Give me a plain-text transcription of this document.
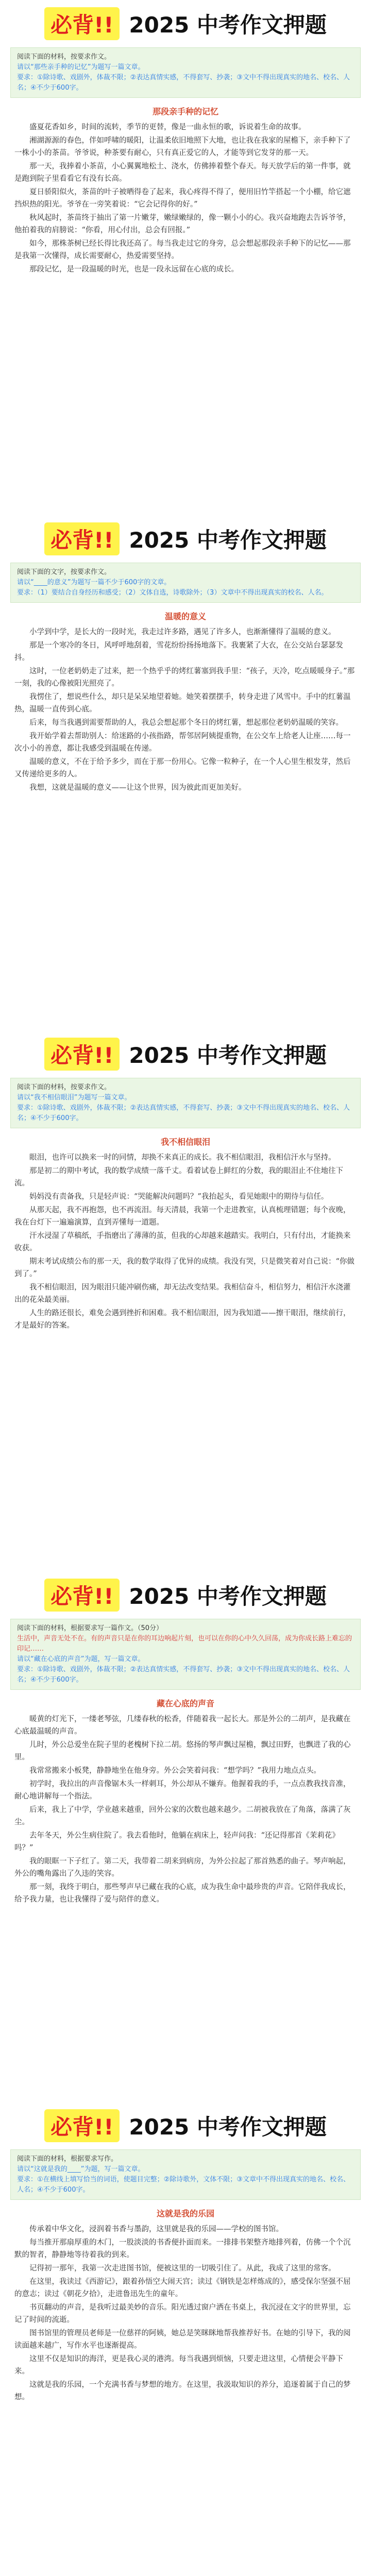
必背!! 2025 中考作文押题
阅读下面的材料，按要求作文。
请以“那些亲手种的记忆”为题写一篇文章。
要求：①除诗歌、戏剧外，体裁不限；②表达真情实感，不得套写、抄袭；③文中不得出现真实的地名、校名、人名；④不少于600字。
那段亲手种的记忆

盛夏花香如乡，时间的流转，季节的更替，像是一曲永恒的歌，诉说着生命的故事。

湘湖源源的春色，伴如呼啸的暖阳，让温柔依旧地照下大地，也让我在我家的屋檐下，亲手种下了一株小小的茶苗。爷爷说，种茶要有耐心，只有真正爱它的人，才能等到它发芽的那一天。

那一天，我捧着小茶苗，小心翼翼地松土、浇水，仿佛捧着整个春天。每天放学后的第一件事，就是跑到院子里看看它有没有长高。

夏日骄阳似火，茶苗的叶子被晒得卷了起来，我心疼得不得了，便用旧竹竿搭起一个小棚，给它遮挡炽热的阳光。爷爷在一旁笑着说：“它会记得你的好。”

秋风起时，茶苗终于抽出了第一片嫩芽，嫩绿嫩绿的，像一颗小小的心。我兴奋地跑去告诉爷爷，他拍着我的肩膀说：“你看，用心付出，总会有回报。”

如今，那株茶树已经长得比我还高了。每当我走过它的身旁，总会想起那段亲手种下的记忆——那是我第一次懂得，成长需要耐心，热爱需要坚持。

那段记忆，是一段温暖的时光，也是一段永远留在心底的成长。

必背!! 2025 中考作文押题
阅读下面的文字，按要求作文。
请以“____的意义”为题写一篇不少于600字的文章。
要求：（1）要结合自身经历和感受；（2）文体自选，诗歌除外；（3）文章中不得出现真实的校名、人名。
温暖的意义

小学到中学，是长大的一段时光，我走过许多路，遇见了许多人，也渐渐懂得了温暖的意义。

那是一个寒冷的冬日，风呼呼地刮着，雪花纷纷扬扬地落下。我裹紧了大衣，在公交站台瑟瑟发抖。

这时，一位老奶奶走了过来，把一个热乎乎的烤红薯塞到我手里：“孩子，天冷，吃点暖暖身子。”那一刻，我的心像被阳光照亮了。

我愣住了，想说些什么，却只是呆呆地望着她。她笑着摆摆手，转身走进了风雪中。手中的红薯温热，温暖一直传到心底。

后来，每当我遇到需要帮助的人，我总会想起那个冬日的烤红薯，想起那位老奶奶温暖的笑容。

我开始学着去帮助别人：给迷路的小孩指路，帮邻居阿姨提重物，在公交车上给老人让座……每一次小小的善意，都让我感受到温暖在传递。

温暖的意义，不在于给予多少，而在于那一份用心。它像一粒种子，在一个人心里生根发芽，然后又传递给更多的人。

我想，这就是温暖的意义——让这个世界，因为彼此而更加美好。

必背!! 2025 中考作文押题
阅读下面的材料，按要求作文。
请以“我不相信眼泪”为题写一篇文章。
要求：①除诗歌、戏剧外，体裁不限；②表达真情实感，不得套写、抄袭；③文中不得出现真实的地名、校名、人名；④不少于600字。
我不相信眼泪

眼泪，也许可以换来一时的同情，却换不来真正的成长。我不相信眼泪，我相信汗水与坚持。

那是初二的期中考试，我的数学成绩一落千丈。看着试卷上鲜红的分数，我的眼泪止不住地往下流。

妈妈没有责备我，只是轻声说：“哭能解决问题吗？”我抬起头，看见她眼中的期待与信任。

从那天起，我不再抱怨，也不再流泪。每天清晨，我第一个走进教室，认真梳理错题；每个夜晚，我在台灯下一遍遍演算，直到弄懂每一道题。

汗水浸湿了草稿纸，手指磨出了薄薄的茧，但我的心却越来越踏实。我明白，只有付出，才能换来收获。

期末考试成绩公布的那一天，我的数学取得了优异的成绩。我没有哭，只是微笑着对自己说：“你做到了。”

我不相信眼泪，因为眼泪只能冲刷伤痛，却无法改变结果。我相信奋斗，相信努力，相信汗水浇灌出的花朵最美丽。

人生的路还很长，难免会遇到挫折和困难。我不相信眼泪，因为我知道——擦干眼泪，继续前行，才是最好的答案。

必背!! 2025 中考作文押题
阅读下面的材料，根据要求写一篇作文。（50分）
生活中，声音无处不在。有的声音只是在你的耳边响起片刻，也可以在你的心中久久回荡，成为你成长路上难忘的印记……
请以“藏在心底的声音”为题，写一篇文章。
要求：①除诗歌、戏剧外，体裁不限；②表达真情实感，不得套写、抄袭；③文中不得出现真实的地名、校名、人名；④不少于600字。
藏在心底的声音

暖黄的灯光下，一缕老琴弦，几缕春秋的松香，伴随着我一起长大。那是外公的二胡声，是我藏在心底最温暖的声音。

儿时，外公总爱坐在院子里的老槐树下拉二胡。悠扬的琴声飘过屋檐，飘过田野，也飘进了我的心里。

我常常搬来小板凳，静静地坐在他身旁。外公会笑着问我：“想学吗？”我用力地点点头。

初学时，我拉出的声音像锯木头一样刺耳，外公却从不嫌弃。他握着我的手，一点点教我找音准，耐心地讲解每一个指法。

后来，我上了中学，学业越来越重，回外公家的次数也越来越少。二胡被我放在了角落，落满了灰尘。

去年冬天，外公生病住院了。我去看他时，他躺在病床上，轻声问我：“还记得那首《茉莉花》吗？”

我的眼眶一下子红了。第二天，我带着二胡来到病房，为外公拉起了那首熟悉的曲子。琴声响起，外公的嘴角露出了久违的笑容。

那一刻，我终于明白，那些琴声早已藏在我的心底，成为我生命中最珍贵的声音。它陪伴我成长，给予我力量，也让我懂得了爱与陪伴的意义。

必背!! 2025 中考作文押题
阅读下面的材料，根据要求写作。
请以“这就是我的____”为题，写一篇文章。
要求：①在横线上填写恰当的词语，使题目完整；②除诗歌外，文体不限；③文章中不得出现真实的地名、校名、人名；④不少于600字。
这就是我的乐园

传承着中华文化，浸润着书香与墨韵，这里就是我的乐园——学校的图书馆。

每当推开那扇厚重的木门，一股淡淡的书香便扑面而来。一排排书架整齐地排列着，仿佛一个个沉默的智者，静静地等待着我的到来。

记得初一那年，我第一次走进图书馆，便被这里的一切吸引住了。从此，我成了这里的常客。

在这里，我读过《西游记》，跟着孙悟空大闹天宫；读过《钢铁是怎样炼成的》，感受保尔坚强不屈的意志；读过《朝花夕拾》，走进鲁迅先生的童年。

书页翻动的声音，是我听过最美妙的音乐。阳光透过窗户洒在书桌上，我沉浸在文字的世界里，忘记了时间的流逝。

图书馆里的管理员老师是一位慈祥的阿姨，她总是笑眯眯地帮我推荐好书。在她的引导下，我的阅读面越来越广，写作水平也逐渐提高。

这里不仅是知识的海洋，更是我心灵的港湾。每当我遇到烦恼，只要走进这里，心情便会平静下来。

这就是我的乐园，一个充满书香与梦想的地方。在这里，我汲取知识的养分，追逐着属于自己的梦想。
